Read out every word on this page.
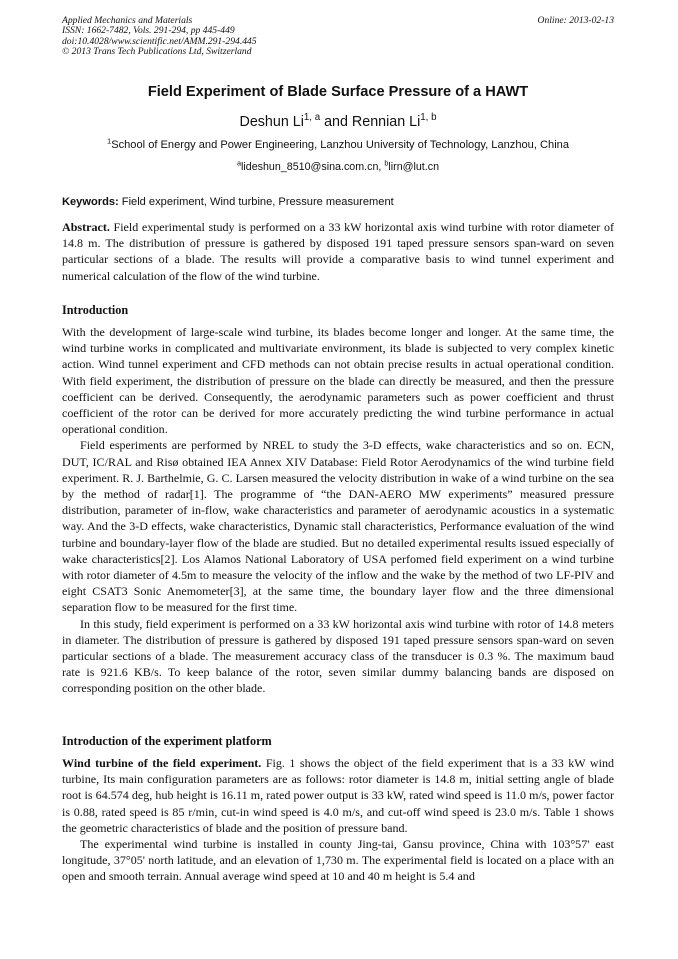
Applied Mechanics and Materials
ISSN: 1662-7482, Vols. 291-294, pp 445-449
doi:10.4028/www.scientific.net/AMM.291-294.445
© 2013 Trans Tech Publications Ltd, Switzerland
Online: 2013-02-13
Field Experiment of Blade Surface Pressure of a HAWT
Deshun Li$^{1, a}$ and Rennian Li$^{1, b}$
$^1$School of Energy and Power Engineering, Lanzhou University of Technology, Lanzhou, China
$^a$lideshun_8510@sina.com.cn, $^b$lirn@lut.cn
Keywords: Field experiment, Wind turbine, Pressure measurement

Abstract. Field experimental study is performed on a 33 kW horizontal axis wind turbine with rotor diameter of 14.8 m. The distribution of pressure is gathered by disposed 191 taped pressure sensors span-ward on seven particular sections of a blade. The results will provide a comparative basis to wind tunnel experiment and numerical calculation of the flow of the wind turbine.

Introduction

With the development of large-scale wind turbine, its blades become longer and longer. At the same time, the wind turbine works in complicated and multivariate environment, its blade is subjected to very complex kinetic action. Wind tunnel experiment and CFD methods can not obtain precise results in actual operational condition. With field experiment, the distribution of pressure on the blade can directly be measured, and then the pressure coefficient can be derived. Consequently, the aerodynamic parameters such as power coefficient and thrust coefficient of the rotor can be derived for more accurately predicting the wind turbine performance in actual operational condition.

Field esperiments are performed by NREL to study the 3-D effects, wake characteristics and so on. ECN, DUT, IC/RAL and Risø obtained IEA Annex XIV Database: Field Rotor Aerodynamics of the wind turbine field experiment. R. J. Barthelmie, G. C. Larsen measured the velocity distribution in wake of a wind turbine on the sea by the method of radar[1]. The programme of “the DAN-AERO MW experiments” measured pressure distribution, parameter of in-flow, wake characteristics and parameter of aerodynamic acoustics in a systematic way. And the 3-D effects, wake characteristics, Dynamic stall characteristics, Performance evaluation of the wind turbine and boundary-layer flow of the blade are studied. But no detailed experimental results issued especially of wake characteristics[2]. Los Alamos National Laboratory of USA perfomed field experiment on a wind turbine with rotor diameter of 4.5m to measure the velocity of the inflow and the wake by the method of two LF-PIV and eight CSAT3 Sonic Anemometer[3], at the same time, the boundary layer flow and the three dimensional separation flow to be measured for the first time.

In this study, field experiment is performed on a 33 kW horizontal axis wind turbine with rotor of 14.8 meters in diameter. The distribution of pressure is gathered by disposed 191 taped pressure sensors span-ward on seven particular sections of a blade. The measurement accuracy class of the transducer is 0.3 %. The maximum baud rate is 921.6 KB/s. To keep balance of the rotor, seven similar dummy balancing bands are disposed on corresponding position on the other blade.

Introduction of the experiment platform

Wind turbine of the field experiment. Fig. 1 shows the object of the field experiment that is a 33 kW wind turbine, Its main configuration parameters are as follows: rotor diameter is 14.8 m, initial setting angle of blade root is 64.574 deg, hub height is 16.11 m, rated power output is 33 kW, rated wind speed is 11.0 m/s, power factor is 0.88, rated speed is 85 r/min, cut-in wind speed is 4.0 m/s, and cut-off wind speed is 23.0 m/s. Table 1 shows the geometric characteristics of blade and the position of pressure band.

The experimental wind turbine is installed in county Jing-tai, Gansu province, China with 103°57' east longitude, 37°05' north latitude, and an elevation of 1,730 m. The experimental field is located on a place with an open and smooth terrain. Annual average wind speed at 10 and 40 m height is 5.4 and
